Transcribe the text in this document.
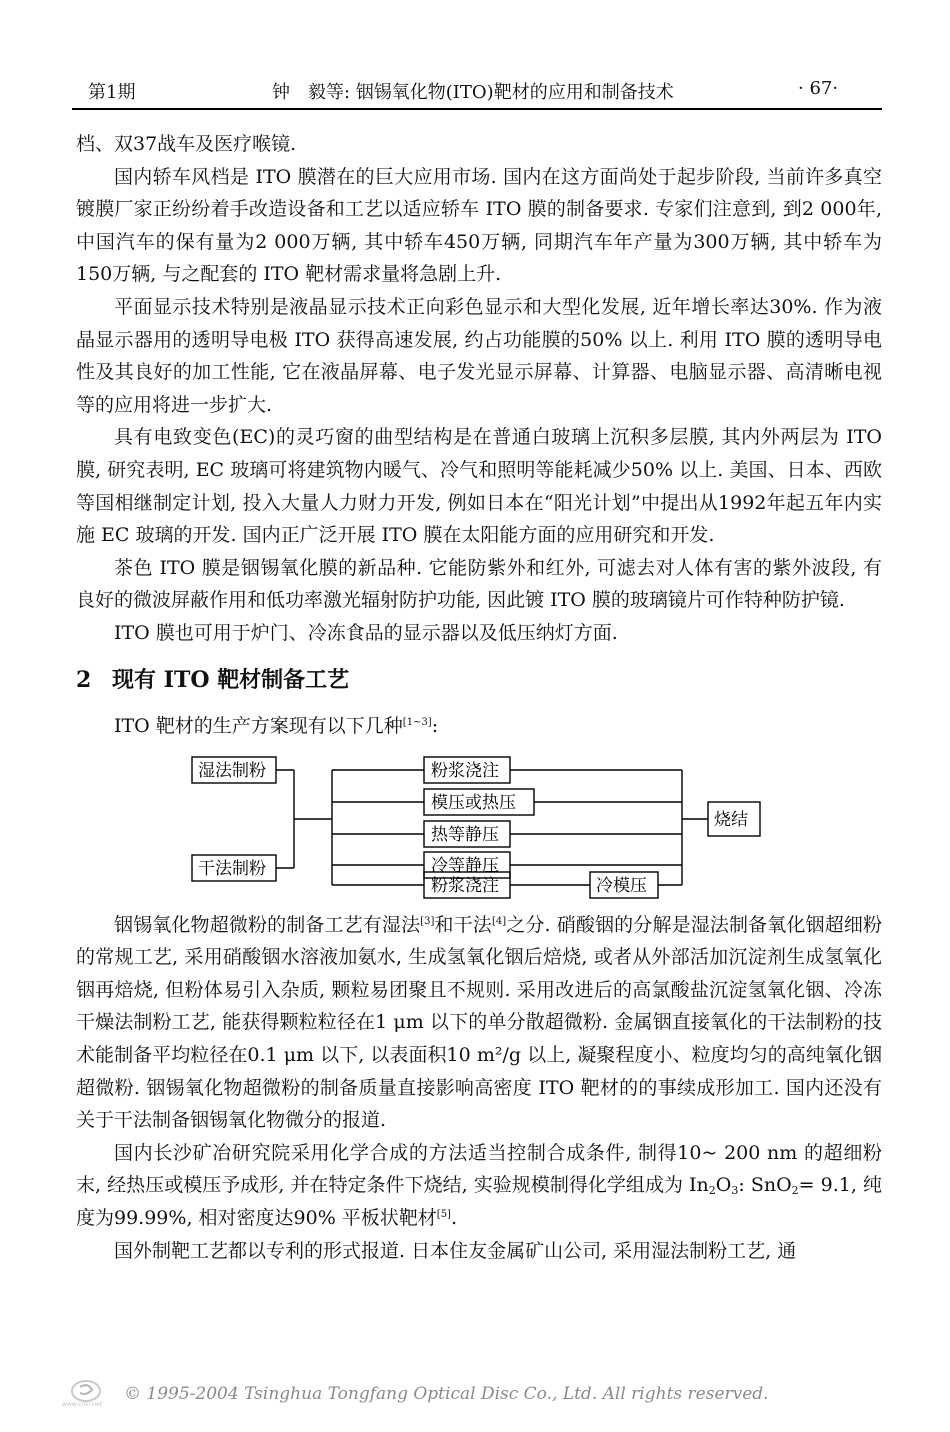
第1期	钟　毅等: 铟锡氧化物(ITO)靶材的应用和制备技术	· 67·

档、双37战车及医疗喉镜.

国内轿车风档是 ITO 膜潜在的巨大应用市场. 国内在这方面尚处于起步阶段, 当前许多真空镀膜厂家正纷纷着手改造设备和工艺以适应轿车 ITO 膜的制备要求. 专家们注意到, 到2 000年, 中国汽车的保有量为2 000万辆, 其中轿车450万辆, 同期汽车年产量为300万辆, 其中轿车为150万辆, 与之配套的 ITO 靶材需求量将急剧上升.

平面显示技术特别是液晶显示技术正向彩色显示和大型化发展, 近年增长率达30%. 作为液晶显示器用的透明导电极 ITO 获得高速发展, 约占功能膜的50% 以上. 利用 ITO 膜的透明导电性及其良好的加工性能, 它在液晶屏幕、电子发光显示屏幕、计算器、电脑显示器、高清晰电视等的应用将进一步扩大.

具有电致变色(EC)的灵巧窗的曲型结构是在普通白玻璃上沉积多层膜, 其内外两层为 ITO 膜, 研究表明, EC 玻璃可将建筑物内暖气、冷气和照明等能耗减少50% 以上. 美国、日本、西欧等国相继制定计划, 投入大量人力财力开发, 例如日本在“阳光计划”中提出从1992年起五年内实施 EC 玻璃的开发. 国内正广泛开展 ITO 膜在太阳能方面的应用研究和开发.

茶色 ITO 膜是铟锡氧化膜的新品种. 它能防紫外和红外, 可滤去对人体有害的紫外波段, 有良好的微波屏蔽作用和低功率激光辐射防护功能, 因此镀 ITO 膜的玻璃镜片可作特种防护镜.

ITO 膜也可用于炉门、冷冻食品的显示器以及低压纳灯方面.

2 现有 ITO 靶材制备工艺

ITO 靶材的生产方案现有以下几种[1~3]:

湿法制粉
干法制粉
粉浆浇注
模压或热压
热等静压
冷等静压
粉浆浇注	冷模压
烧结

铟锡氧化物超微粉的制备工艺有湿法[3]和干法[4]之分. 硝酸铟的分解是湿法制备氧化铟超细粉的常规工艺, 采用硝酸铟水溶液加氨水, 生成氢氧化铟后焙烧, 或者从外部活加沉淀剂生成氢氧化铟再焙烧, 但粉体易引入杂质, 颗粒易团聚且不规则. 采用改进后的高氯酸盐沉淀氢氧化铟、冷冻干燥法制粉工艺, 能获得颗粒粒径在1 μm 以下的单分散超微粉. 金属铟直接氧化的干法制粉的技术能制备平均粒径在0.1 μm 以下, 以表面积10 m²/g 以上, 凝聚程度小、粒度均匀的高纯氧化铟超微粉. 铟锡氧化物超微粉的制备质量直接影响高密度 ITO 靶材的的事续成形加工. 国内还没有关于干法制备铟锡氧化物微分的报道.

国内长沙矿冶研究院采用化学合成的方法适当控制合成条件, 制得10~ 200 nm 的超细粉末, 经热压或模压予成形, 并在特定条件下烧结, 实验规模制得化学组成为 $In_2O_3$: SnO$_2$= 9.1, 纯度为99.99%, 相对密度达90% 平板状靶材[5].

国外制靶工艺都以专利的形式报道. 日本住友金属矿山公司, 采用湿法制粉工艺, 通

www.cnki.net
© 1995-2004 Tsinghua Tongfang Optical Disc Co., Ltd. All rights reserved.
